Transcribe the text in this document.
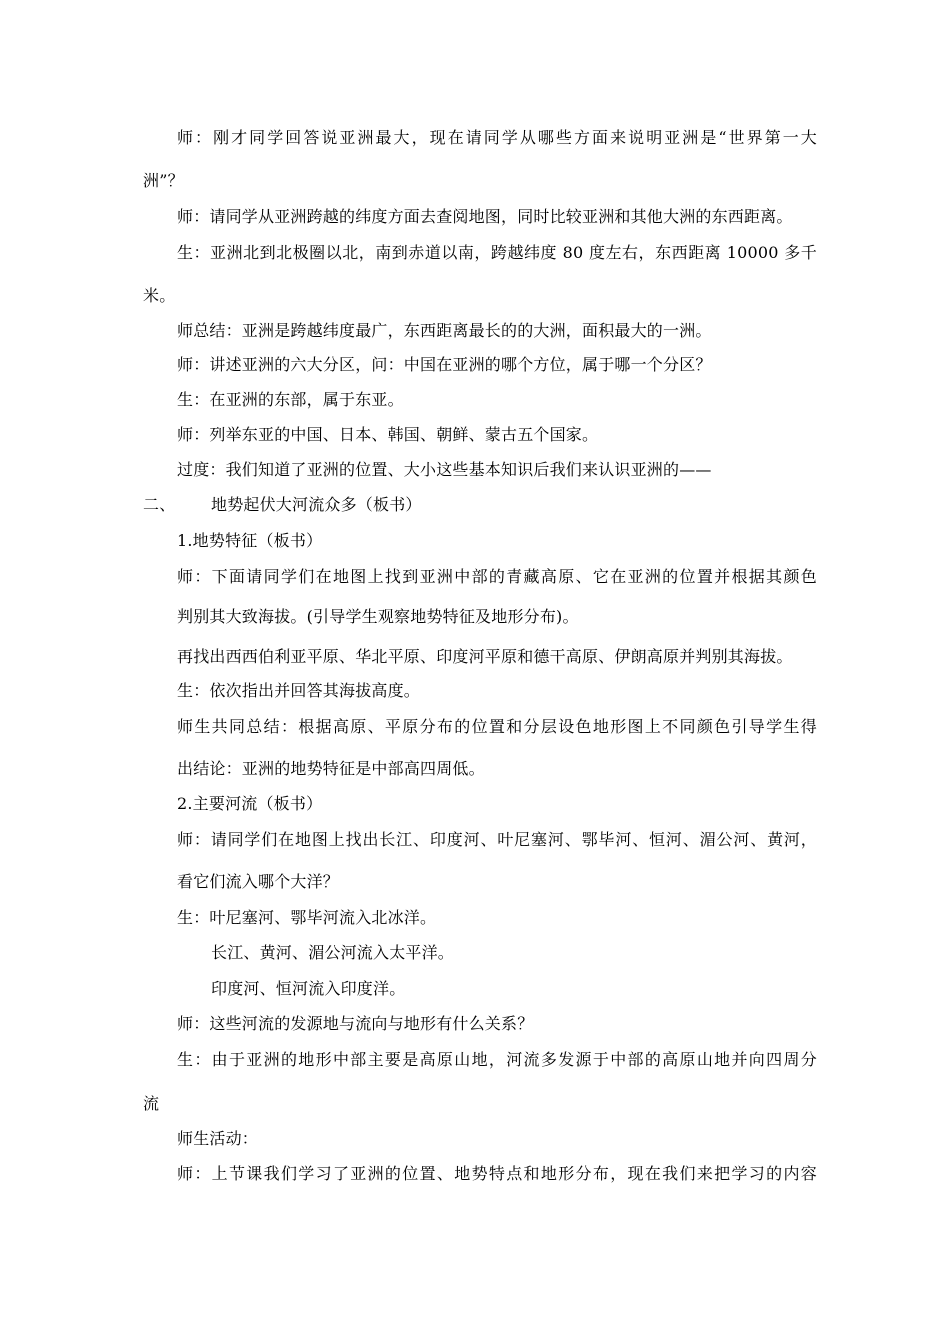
师：刚才同学回答说亚洲最大，现在请同学从哪些方面来说明亚洲是“世界第一大
洲”？
师：请同学从亚洲跨越的纬度方面去查阅地图，同时比较亚洲和其他大洲的东西距离。
生：亚洲北到北极圈以北，南到赤道以南，跨越纬度 80 度左右，东西距离 10000 多千
米。
师总结：亚洲是跨越纬度最广，东西距离最长的的大洲，面积最大的一洲。
师：讲述亚洲的六大分区，问：中国在亚洲的哪个方位，属于哪一个分区？
生：在亚洲的东部，属于东亚。
师：列举东亚的中国、日本、韩国、朝鲜、蒙古五个国家。
过度：我们知道了亚洲的位置、大小这些基本知识后我们来认识亚洲的——
二、 地势起伏大河流众多（板书）
1.地势特征（板书）
师：下面请同学们在地图上找到亚洲中部的青藏高原、它在亚洲的位置并根据其颜色
判别其大致海拔。(引导学生观察地势特征及地形分布)。
再找出西西伯利亚平原、华北平原、印度河平原和德干高原、伊朗高原并判别其海拔。
生：依次指出并回答其海拔高度。
师生共同总结：根据高原、平原分布的位置和分层设色地形图上不同颜色引导学生得
出结论：亚洲的地势特征是中部高四周低。
2.主要河流（板书）
师：请同学们在地图上找出长江、印度河、叶尼塞河、鄂毕河、恒河、湄公河、黄河，
看它们流入哪个大洋？
生：叶尼塞河、鄂毕河流入北冰洋。
长江、黄河、湄公河流入太平洋。
印度河、恒河流入印度洋。
师：这些河流的发源地与流向与地形有什么关系？
生：由于亚洲的地形中部主要是高原山地，河流多发源于中部的高原山地并向四周分
流
师生活动：
师：上节课我们学习了亚洲的位置、地势特点和地形分布，现在我们来把学习的内容
